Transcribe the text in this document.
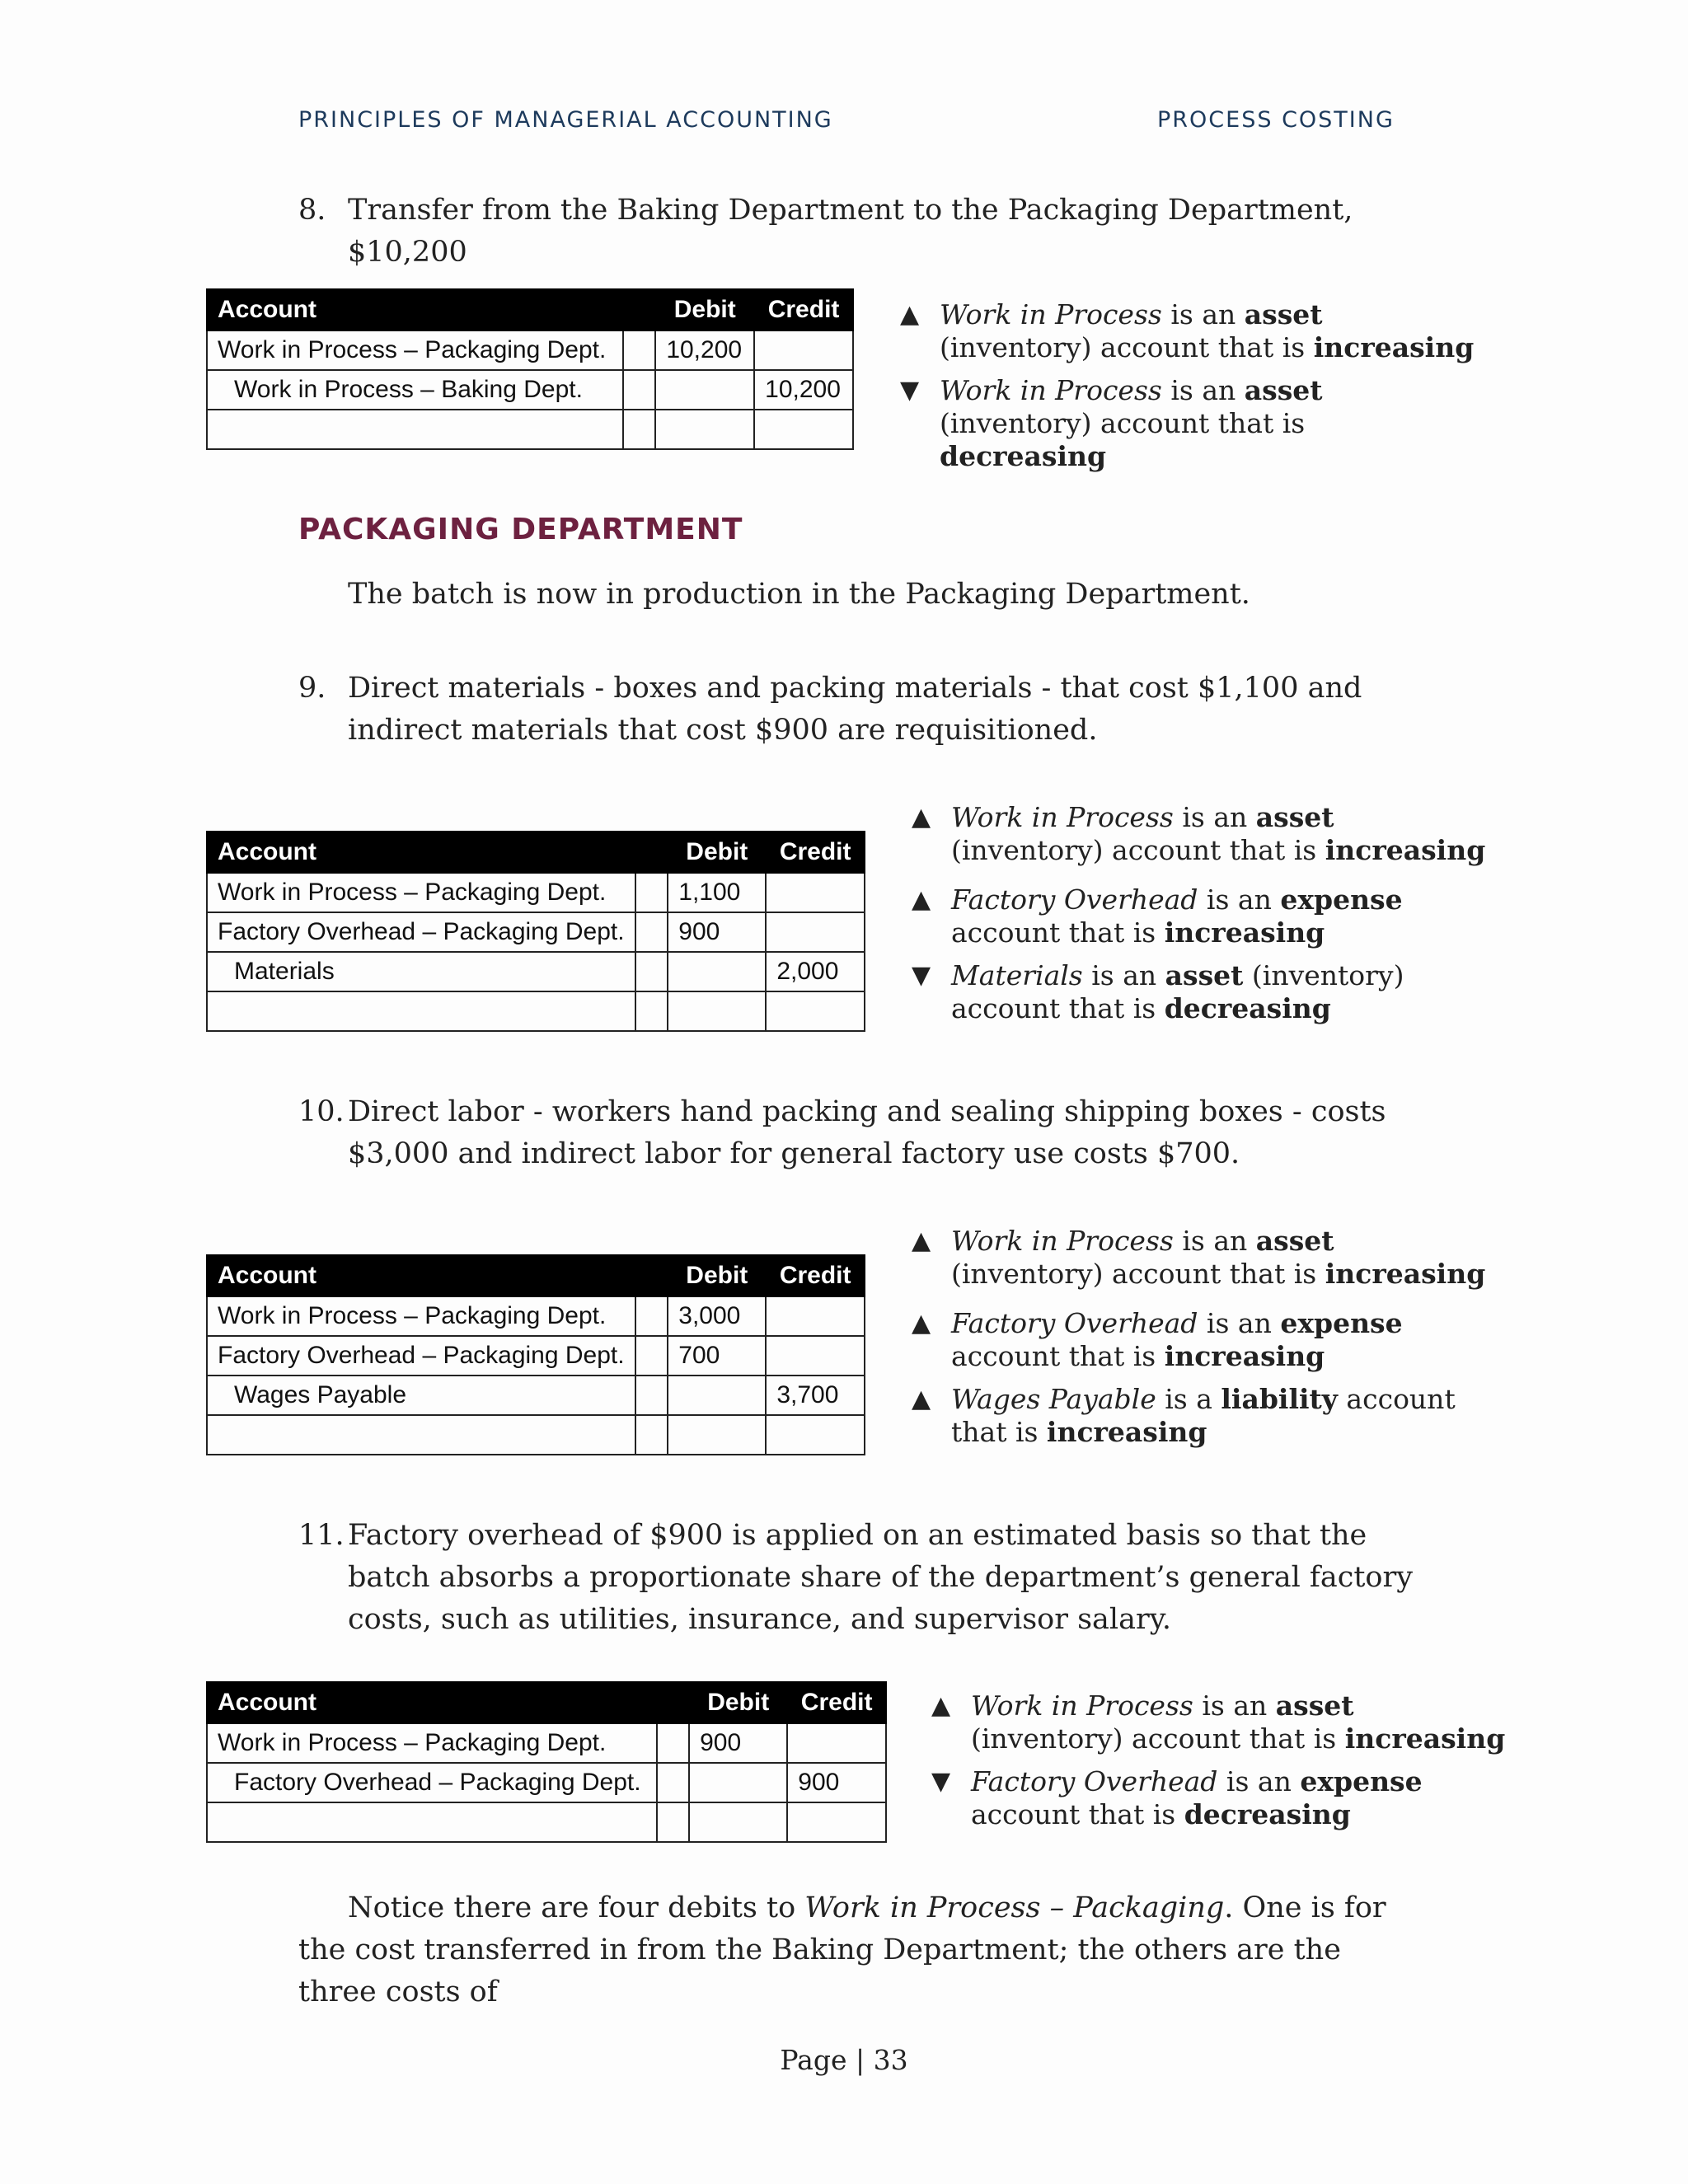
PRINCIPLES OF MANAGERIAL ACCOUNTING	PROCESS COSTING
8. Transfer from the Baking Department to the Packaging Department, $10,200
Account		Debit	Credit
Work in Process – Packaging Dept.		10,200	
Work in Process – Baking Dept.			10,200

▲ Work in Process is an asset (inventory) account that is increasing
▼ Work in Process is an asset (inventory) account that is decreasing
PACKAGING DEPARTMENT
The batch is now in production in the Packaging Department.
9. Direct materials - boxes and packing materials - that cost $1,100 and indirect materials that cost $900 are requisitioned.
Account		Debit	Credit
Work in Process – Packaging Dept.		1,100	
Factory Overhead – Packaging Dept.		900	
Materials			2,000

▲ Work in Process is an asset (inventory) account that is increasing
▲ Factory Overhead is an expense account that is increasing
▼ Materials is an asset (inventory) account that is decreasing
10. Direct labor - workers hand packing and sealing shipping boxes - costs $3,000 and indirect labor for general factory use costs $700.
Account		Debit	Credit
Work in Process – Packaging Dept.		3,000	
Factory Overhead – Packaging Dept.		700	
Wages Payable			3,700

▲ Work in Process is an asset (inventory) account that is increasing
▲ Factory Overhead is an expense account that is increasing
▲ Wages Payable is a liability account that is increasing
11. Factory overhead of $900 is applied on an estimated basis so that the batch absorbs a proportionate share of the department’s general factory costs, such as utilities, insurance, and supervisor salary.
Account		Debit	Credit
Work in Process – Packaging Dept.		900	
Factory Overhead – Packaging Dept.			900

▲ Work in Process is an asset (inventory) account that is increasing
▼ Factory Overhead is an expense account that is decreasing
Notice there are four debits to Work in Process – Packaging. One is for the cost transferred in from the Baking Department; the others are the three costs of
Page | 33
